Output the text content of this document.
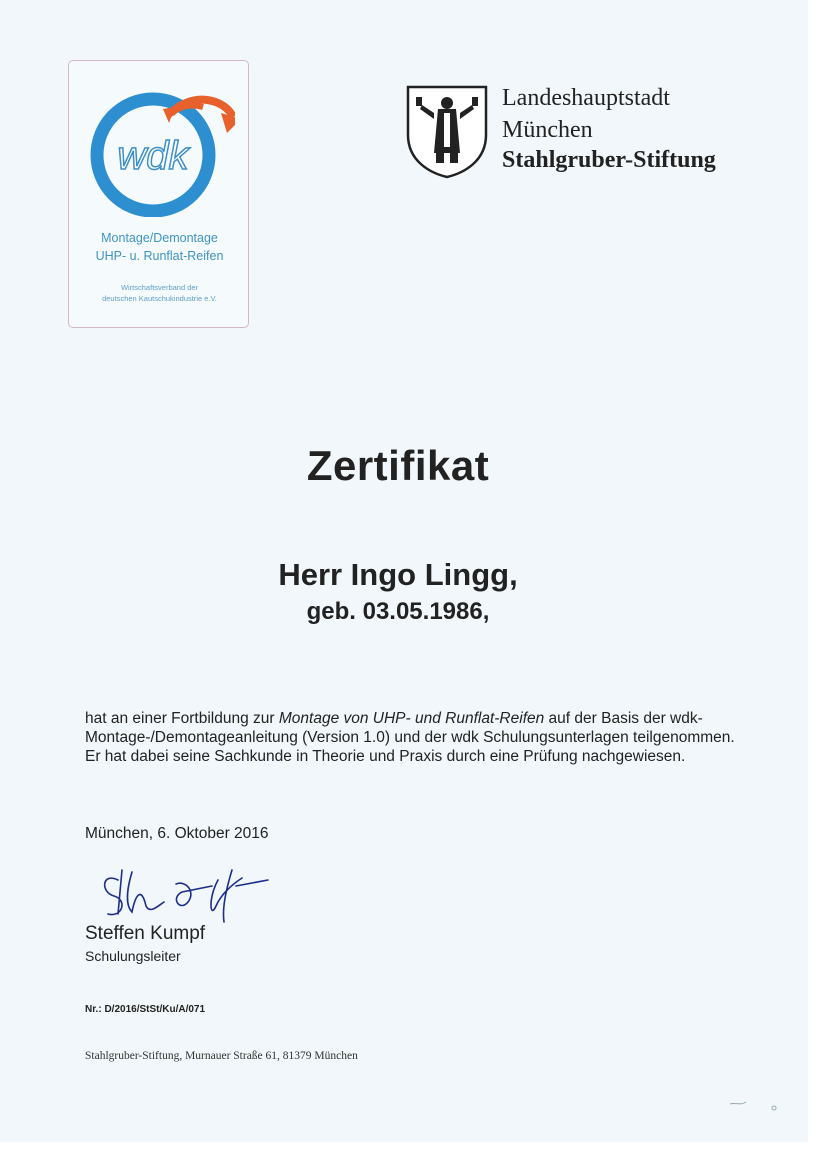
wdk
Montage/Demontage
UHP- u. Runflat-Reifen
Wirtschaftsverband der
deutschen Kautschukindustrie e.V.
Landeshauptstadt
München
Stahlgruber-Stiftung
Zertifikat
Herr Ingo Lingg,
geb. 03.05.1986,
hat an einer Fortbildung zur Montage von UHP- und Runflat-Reifen auf der Basis der wdk-Montage-/Demontageanleitung (Version 1.0) und der wdk Schulungsunterlagen teilgenommen.
Er hat dabei seine Sachkunde in Theorie und Praxis durch eine Prüfung nachgewiesen.
München, 6. Oktober 2016
Steffen Kumpf
Schulungsleiter
Nr.: D/2016/StSt/Ku/A/071
Stahlgruber-Stiftung, Murnauer Straße 61, 81379 München
